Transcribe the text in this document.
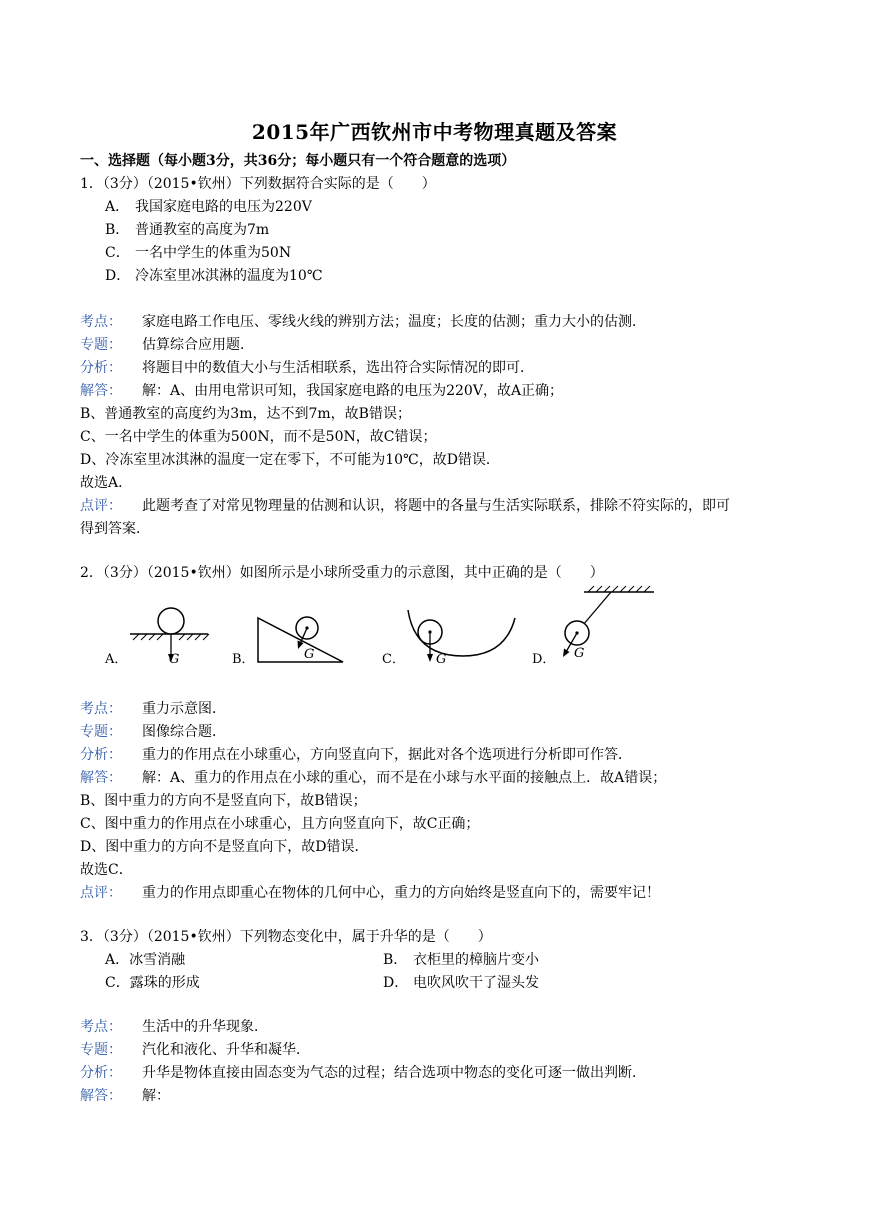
2015年广西钦州市中考物理真题及答案
一、选择题（每小题3分，共36分；每小题只有一个符合题意的选项）
1．（3分）（2015•钦州）下列数据符合实际的是（　　）
A． 我国家庭电路的电压为220V
B． 普通教室的高度为7m
C． 一名中学生的体重为50N
D． 冷冻室里冰淇淋的温度为10℃
考点： 家庭电路工作电压、零线火线的辨别方法；温度；长度的估测；重力大小的估测．
专题： 估算综合应用题．
分析： 将题目中的数值大小与生活相联系，选出符合实际情况的即可．
解答： 解：A、由用电常识可知，我国家庭电路的电压为220V，故A正确；
B、普通教室的高度约为3m，达不到7m，故B错误；
C、一名中学生的体重为500N，而不是50N，故C错误；
D、冷冻室里冰淇淋的温度一定在零下，不可能为10℃，故D错误．
故选A．
点评： 此题考查了对常见物理量的估测和认识，将题中的各量与生活实际联系，排除不符实际的，即可
得到答案．
2．（3分）（2015•钦州）如图所示是小球所受重力的示意图，其中正确的是（　　）
G
A．	G
B．	G
C．	G
D．
考点： 重力示意图．
专题： 图像综合题．
分析： 重力的作用点在小球重心，方向竖直向下，据此对各个选项进行分析即可作答．
解答： 解：A、重力的作用点在小球的重心，而不是在小球与水平面的接触点上．故A错误；
B、图中重力的方向不是竖直向下，故B错误；
C、图中重力的作用点在小球重心，且方向竖直向下，故C正确；
D、图中重力的方向不是竖直向下，故D错误．
故选C．
点评： 重力的作用点即重心在物体的几何中心，重力的方向始终是竖直向下的，需要牢记！
3．（3分）（2015•钦州）下列物态变化中，属于升华的是（　　）
A．冰雪消融	B． 衣柜里的樟脑片变小
C．露珠的形成	D． 电吹风吹干了湿头发
考点： 生活中的升华现象．
专题： 汽化和液化、升华和凝华．
分析： 升华是物体直接由固态变为气态的过程；结合选项中物态的变化可逐一做出判断．
解答： 解：
